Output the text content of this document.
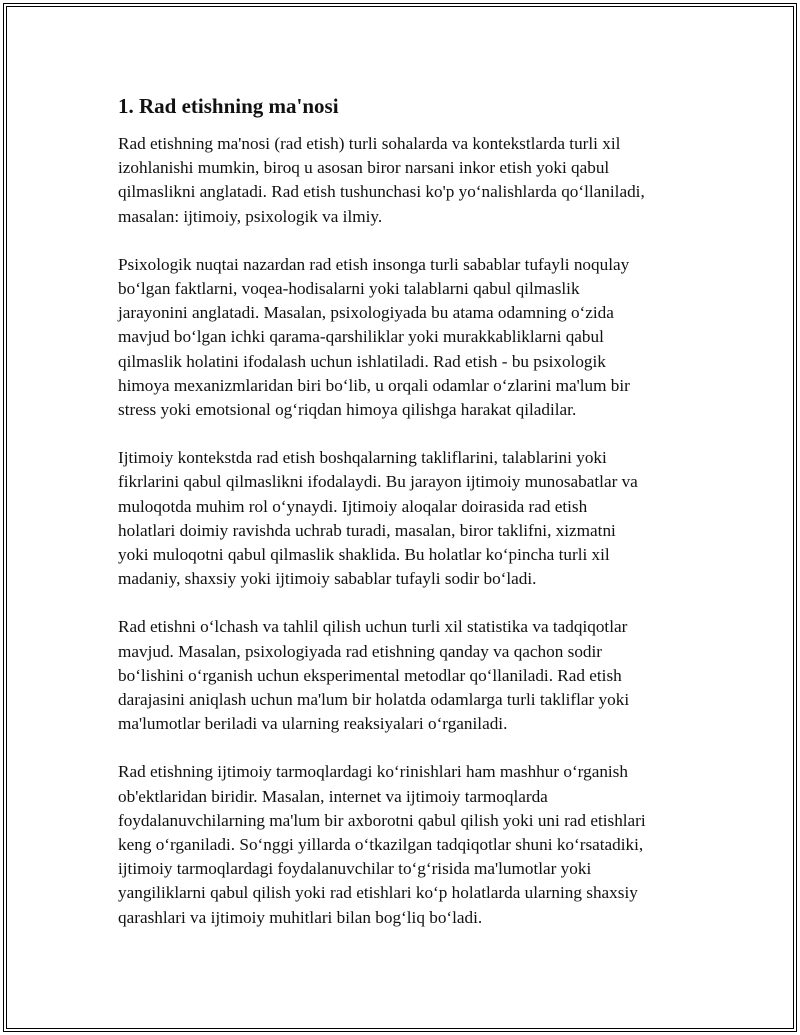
1. Rad etishning ma'nosi
Rad etishning ma'nosi (rad etish) turli sohalarda va kontekstlarda turli xil
izohlanishi mumkin, biroq u asosan biror narsani inkor etish yoki qabul
qilmaslikni anglatadi. Rad etish tushunchasi ko'p yo‘nalishlarda qo‘llaniladi,
masalan: ijtimoiy, psixologik va ilmiy.
Psixologik nuqtai nazardan rad etish insonga turli sabablar tufayli noqulay
bo‘lgan faktlarni, voqea-hodisalarni yoki talablarni qabul qilmaslik
jarayonini anglatadi. Masalan, psixologiyada bu atama odamning o‘zida
mavjud bo‘lgan ichki qarama-qarshiliklar yoki murakkabliklarni qabul
qilmaslik holatini ifodalash uchun ishlatiladi. Rad etish - bu psixologik
himoya mexanizmlaridan biri bo‘lib, u orqali odamlar o‘zlarini ma'lum bir
stress yoki emotsional og‘riqdan himoya qilishga harakat qiladilar.
Ijtimoiy kontekstda rad etish boshqalarning takliflarini, talablarini yoki
fikrlarini qabul qilmaslikni ifodalaydi. Bu jarayon ijtimoiy munosabatlar va
muloqotda muhim rol o‘ynaydi. Ijtimoiy aloqalar doirasida rad etish
holatlari doimiy ravishda uchrab turadi, masalan, biror taklifni, xizmatni
yoki muloqotni qabul qilmaslik shaklida. Bu holatlar ko‘pincha turli xil
madaniy, shaxsiy yoki ijtimoiy sabablar tufayli sodir bo‘ladi.
Rad etishni o‘lchash va tahlil qilish uchun turli xil statistika va tadqiqotlar
mavjud. Masalan, psixologiyada rad etishning qanday va qachon sodir
bo‘lishini o‘rganish uchun eksperimental metodlar qo‘llaniladi. Rad etish
darajasini aniqlash uchun ma'lum bir holatda odamlarga turli takliflar yoki
ma'lumotlar beriladi va ularning reaksiyalari o‘rganiladi.
Rad etishning ijtimoiy tarmoqlardagi ko‘rinishlari ham mashhur o‘rganish
ob'ektlaridan biridir. Masalan, internet va ijtimoiy tarmoqlarda
foydalanuvchilarning ma'lum bir axborotni qabul qilish yoki uni rad etishlari
keng o‘rganiladi. So‘nggi yillarda o‘tkazilgan tadqiqotlar shuni ko‘rsatadiki,
ijtimoiy tarmoqlardagi foydalanuvchilar to‘g‘risida ma'lumotlar yoki
yangiliklarni qabul qilish yoki rad etishlari ko‘p holatlarda ularning shaxsiy
qarashlari va ijtimoiy muhitlari bilan bog‘liq bo‘ladi.
